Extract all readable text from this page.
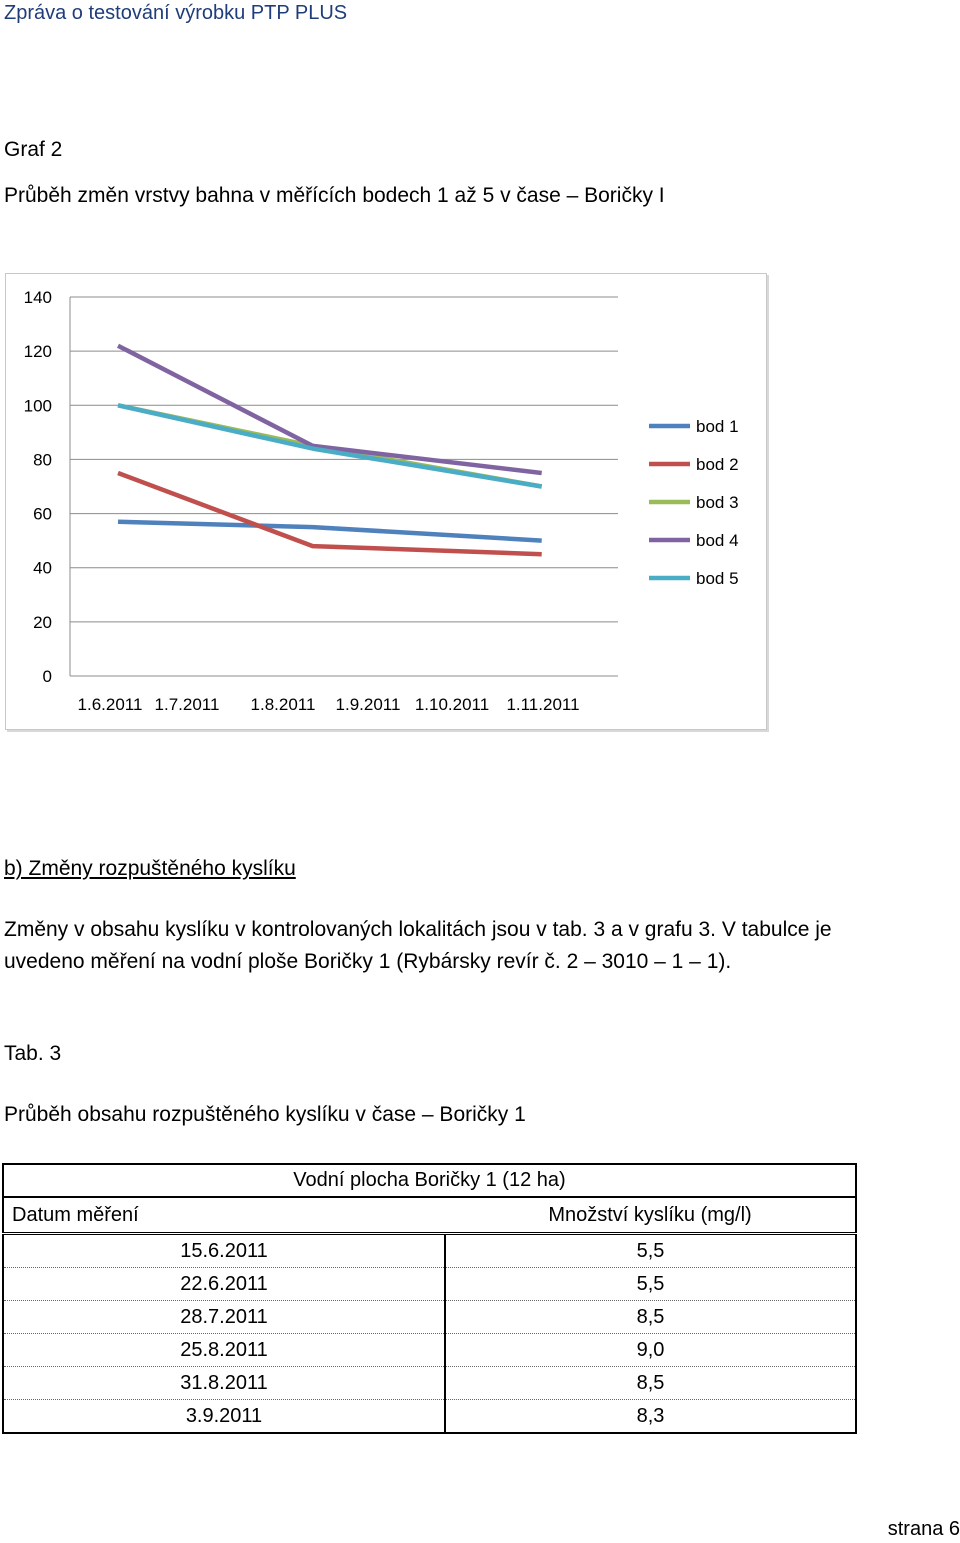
Zpráva o testování výrobku PTP PLUS
Graf 2
Průběh změn vrstvy bahna v měřících bodech 1 až 5 v čase – Boričky I
0
20
40
60
80
100
120
140
1.6.2011 1.7.2011 1.8.2011 1.9.2011 1.10.2011 1.11.2011
bod 1
bod 2
bod 3
bod 4
bod 5
b) Změny rozpuštěného kyslíku
Změny v obsahu kyslíku v kontrolovaných lokalitách jsou v tab. 3 a v grafu 3. V tabulce je
uvedeno měření na vodní ploše Boričky 1 (Rybársky revír č. 2 – 3010 – 1 – 1).
Tab. 3
Průběh obsahu rozpuštěného kyslíku v čase – Boričky 1
Vodní plocha Boričky 1 (12 ha)	
Datum měření	Množství kyslíku (mg/l)
15.6.2011	5,5
22.6.2011	5,5
28.7.2011	8,5
25.8.2011	9,0
31.8.2011	8,5
3.9.2011	8,3
strana 6
